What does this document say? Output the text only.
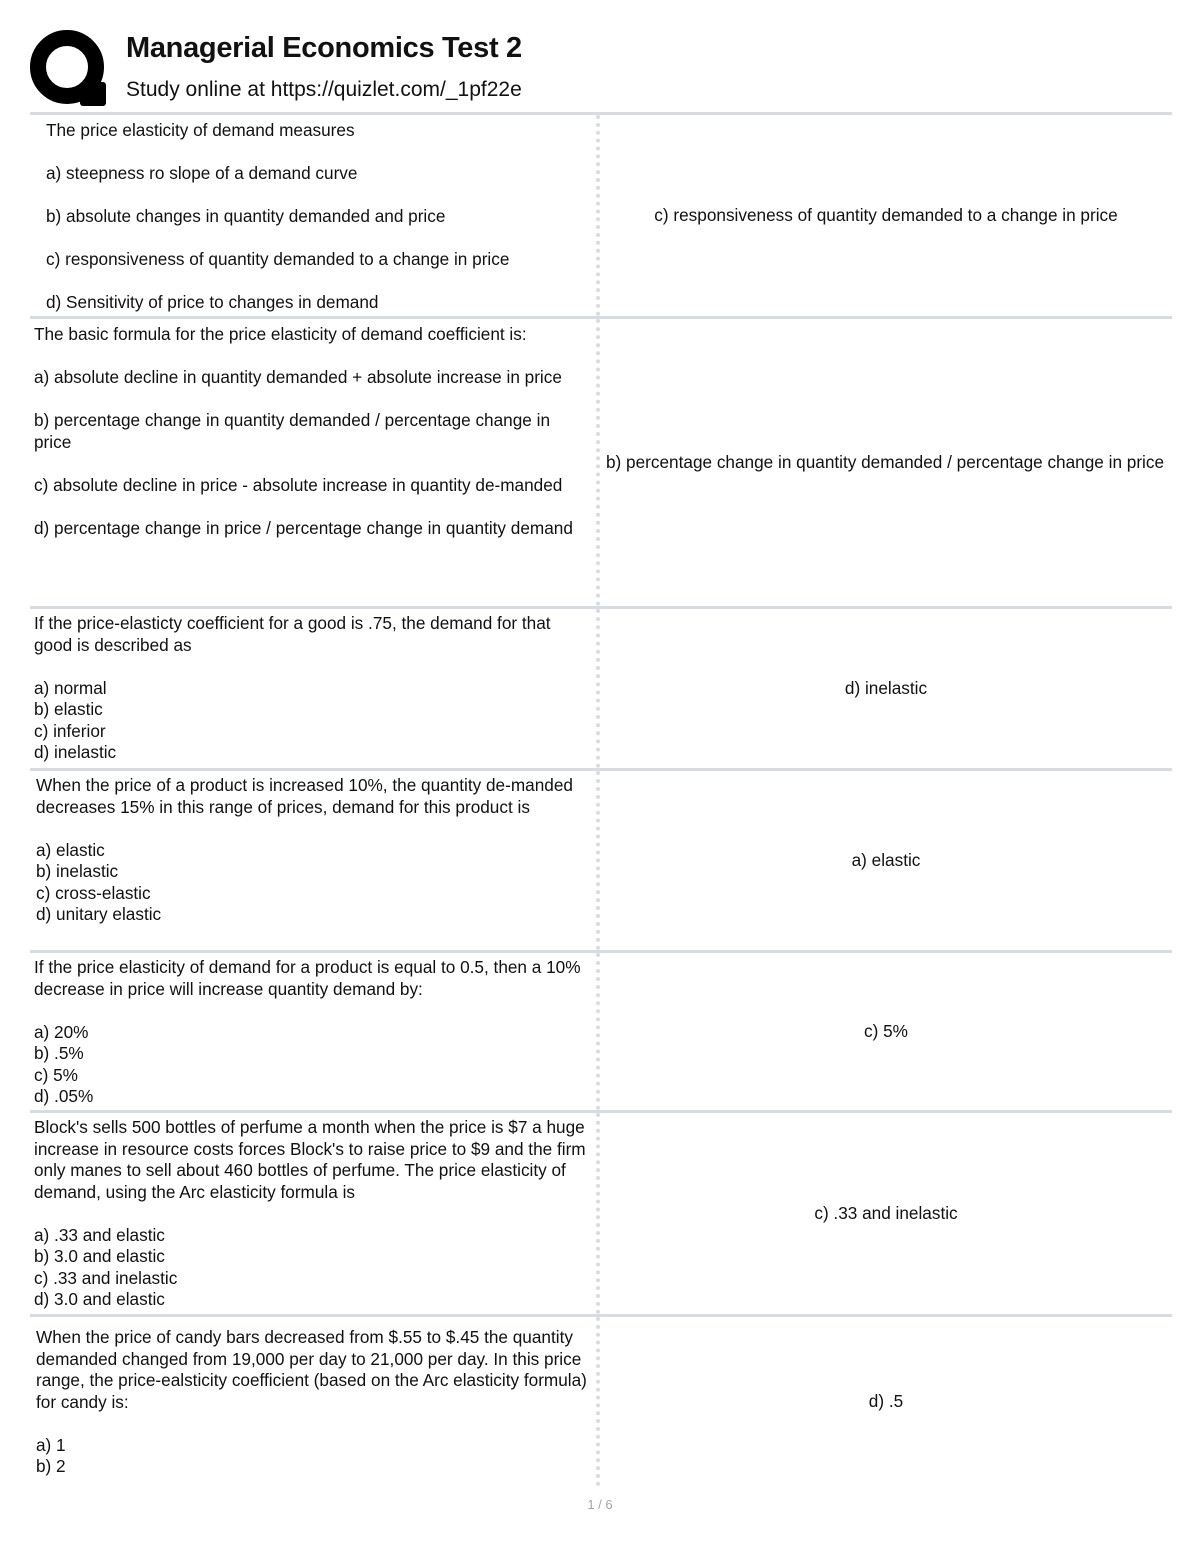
Managerial Economics Test 2
Study online at https://quizlet.com/_1pf22e
The price elasticity of demand measures
a) steepness ro slope of a demand curve
b) absolute changes in quantity demanded and price
c) responsiveness of quantity demanded to a change in price
d) Sensitivity of price to changes in demand
c) responsiveness of quantity demanded to a change in price
The basic formula for the price elasticity of demand coefficient is:
a) absolute decline in quantity demanded + absolute increase in price
b) percentage change in quantity demanded / percentage change in price
c) absolute decline in price - absolute increase in quantity de-manded
d) percentage change in price / percentage change in quantity demand
b) percentage change in quantity demanded / percentage change in price
If the price-elasticty coefficient for a good is .75, the demand for that good is described as
a) normal
b) elastic
c) inferior
d) inelastic
d) inelastic
When the price of a product is increased 10%, the quantity de-manded decreases 15% in this range of prices, demand for this product is
a) elastic
b) inelastic
c) cross-elastic
d) unitary elastic
a) elastic
If the price elasticity of demand for a product is equal to 0.5, then a 10% decrease in price will increase quantity demand by:
a) 20%
b) .5%
c) 5%
d) .05%
c) 5%
Block's sells 500 bottles of perfume a month when the price is $7 a huge increase in resource costs forces Block's to raise price to $9 and the firm only manes to sell about 460 bottles of perfume. The price elasticity of demand, using the Arc elasticity formula is
a) .33 and elastic
b) 3.0 and elastic
c) .33 and inelastic
d) 3.0 and elastic
c) .33 and inelastic
When the price of candy bars decreased from $.55 to $.45 the quantity demanded changed from 19,000 per day to 21,000 per day. In this price range, the price-ealsticity coefficient (based on the Arc elasticity formula) for candy is:
a) 1
b) 2
d) .5
1 / 6
